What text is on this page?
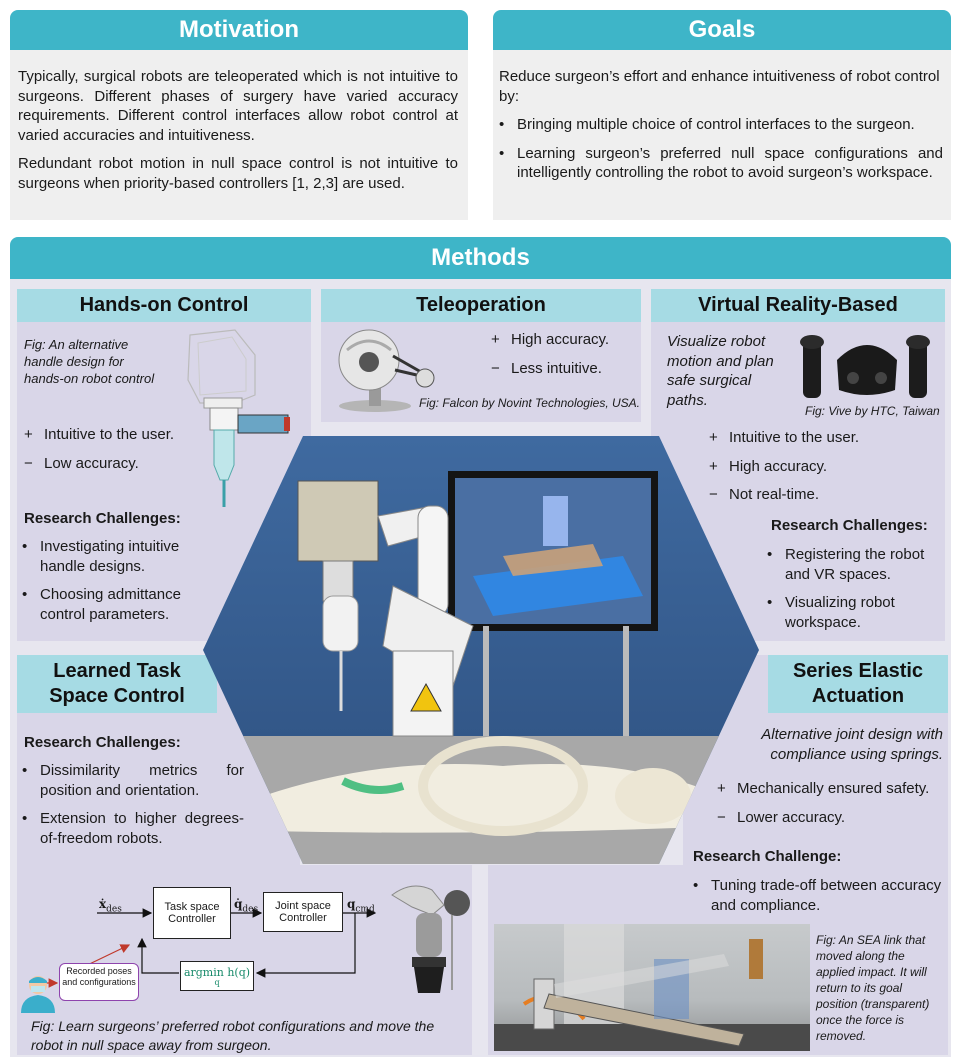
Motivation

Typically, surgical robots are teleoperated which is not intuitive to surgeons. Different phases of surgery have varied accuracy requirements. Different control interfaces allow robot control at varied accuracies and intuitiveness.

Redundant robot motion in null space control is not intuitive to surgeons when priority-based controllers [1, 2,3] are used.

Goals

Reduce surgeon’s effort and enhance intuitiveness of robot control by:

• Bringing multiple choice of control interfaces to the surgeon.
• Learning surgeon’s preferred null space configurations and intelligently controlling the robot to avoid surgeon’s workspace.
Methods
Hands-on Control

Fig: An alternative handle design for hands-on robot control

+ Intuitive to the user.
− Low accuracy.

Research Challenges:

• Investigating intuitive handle designs.
• Choosing admittance control parameters.
Teleoperation
+ High accuracy.
− Less intuitive.

Fig: Falcon by Novint Technologies, USA.

Virtual Reality-Based

Visualize robot motion and plan safe surgical paths.

Fig: Vive by HTC, Taiwan

+ Intuitive to the user.
+ High accuracy.
− Not real-time.

Research Challenges:

• Registering the robot and VR spaces.
• Visualizing robot workspace.
Learned Task
Space Control

Research Challenges:

• Dissimilarity metrics for position and orientation.
• Extension to higher degrees-of-freedom robots.
ẋ$_{des}$	Task space Controller
$q̇_{des}$	Joint space Controller
$q_{cmd}$
argmin h(q)
q
Recorded poses and configurations

Fig: Learn surgeons’ preferred robot configurations and move the robot in null space away from surgeon.

Series Elastic
Actuation

Alternative joint design with compliance using springs.

+ Mechanically ensured safety.
− Lower accuracy.

Research Challenge:

• Tuning trade-off between accuracy and compliance.

Fig: An SEA link that moved along the applied impact. It will return to its goal position (transparent) once the force is removed.
